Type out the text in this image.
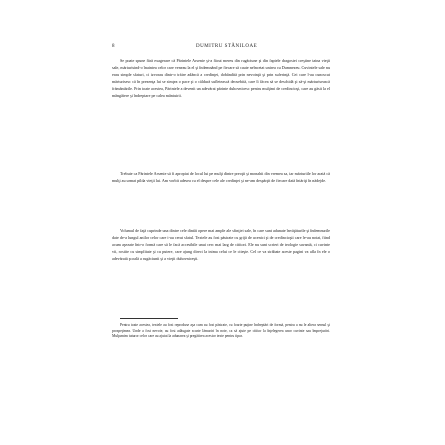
8	DUMITRU STĂNILOAE

Se poate spune fără exagerare că Părintele Arsenie şi-a făcut mereu din rugăciune şi din faptele dragostei creştine taina vieţii sale, mărturisind-o înaintea celor care veneau la el şi îndemnând pe fiecare să caute neîncetat unirea cu Dumnezeu. Cuvintele sale nu erau simple sfaturi, ci izvorau dintr-o trăire adâncă a credinţei, dobândită prin nevoinţă şi prin suferinţă. Cei care l-au cunoscut mărturisesc că în prezenţa lui se simţea o pace şi o căldură sufletească deosebită, care îi făcea să se deschidă şi să-şi mărturisească frământările. Prin toate acestea, Părintele a devenit un adevărat părinte duhovnicesc pentru mulţimi de credincioşi, care au găsit la el mângâiere şi îndreptare pe calea mântuirii.

Trebuie ca Părintele Arsenie să fi apropiat de locul lui pe mulţi dintre preoţii şi monahii din vremea sa, iar mărturiile lor arată că mulţi au urmat pilda vieţii lui. Am vorbit adesea cu el despre cele ale credinţei şi ne-am despărţit de fiecare dată întăriţi în nădejde.

Volumul de faţă cuprinde una dintre cele dintâi opere mai ample ale sfinţiei sale, în care sunt adunate învăţăturile şi îndemnurile date de-a lungul anilor celor care i-au cerut sfatul. Textele au fost păstrate cu grijă de ucenici şi de credincioşii care le-au notat, fiind acum aşezate într-o formă care să le facă accesibile unui cerc mai larg de cititori. Ele nu sunt scrieri de teologie savantă, ci cuvinte vii, rostite cu simplitate şi cu putere, care ajung direct la inima celui ce le citeşte. Cel ce va străbate aceste pagini va afla în ele o adevărată şcoală a rugăciunii şi a vieţii duhovniceşti.

Pentru toate acestea, textele au fost reproduse aşa cum au fost păstrate, cu foarte puţine îndreptări de formă, pentru a nu le altera sensul şi prospeţimea. Unde a fost nevoie, au fost adăugate scurte lămuriri în note, ca să ajute pe cititor la înţelegerea unor cuvinte sau împrejurări. Mulţumim tuturor celor care au ajutat la adunarea şi pregătirea acestor texte pentru tipar.
